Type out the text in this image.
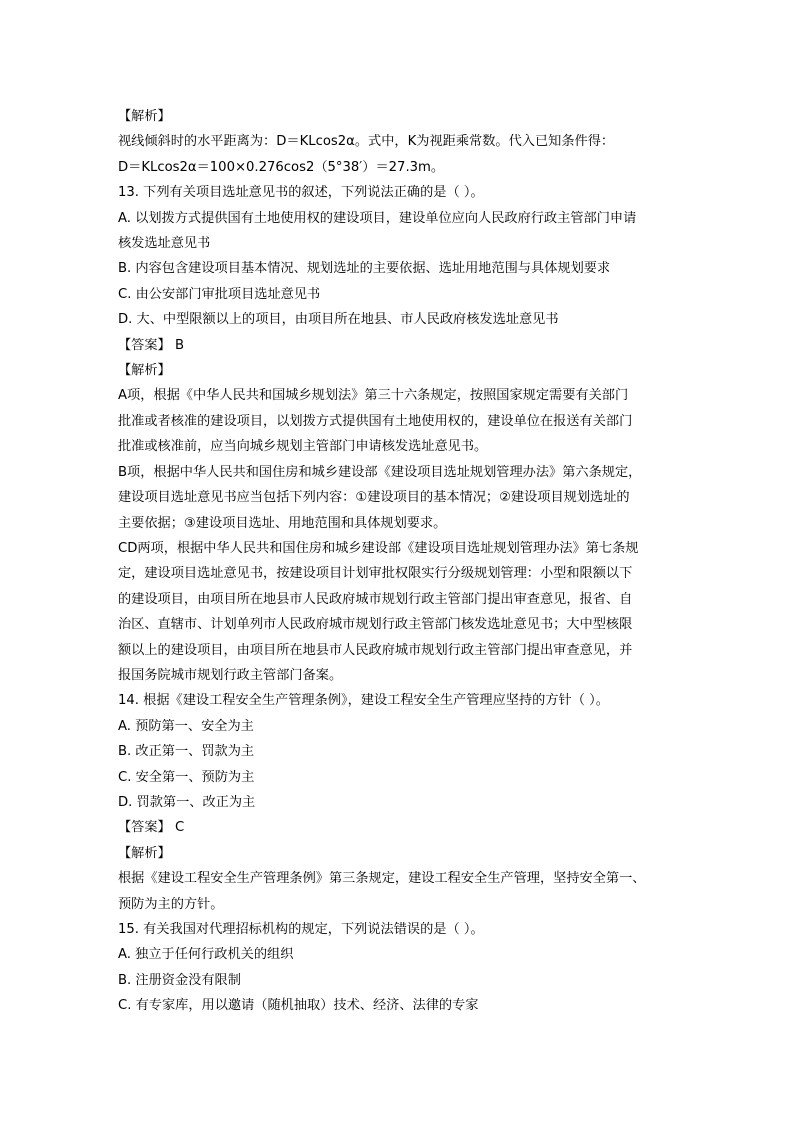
【解析】

视线倾斜时的水平距离为：D＝KLcos2α。式中，K为视距乘常数。代入已知条件得：

D＝KLcos2α＝100×0.276cos2（5°38′）＝27.3m。

13. 下列有关项目选址意见书的叙述，下列说法正确的是（ ）。

A. 以划拨方式提供国有土地使用权的建设项目，建设单位应向人民政府行政主管部门申请

核发选址意见书

B. 内容包含建设项目基本情况、规划选址的主要依据、选址用地范围与具体规划要求

C. 由公安部门审批项目选址意见书

D. 大、中型限额以上的项目，由项目所在地县、市人民政府核发选址意见书

【答案】 B

【解析】

A项，根据《中华人民共和国城乡规划法》第三十六条规定，按照国家规定需要有关部门

批准或者核准的建设项目，以划拨方式提供国有土地使用权的，建设单位在报送有关部门

批准或核准前，应当向城乡规划主管部门申请核发选址意见书。

B项，根据中华人民共和国住房和城乡建设部《建设项目选址规划管理办法》第六条规定，

建设项目选址意见书应当包括下列内容：①建设项目的基本情况；②建设项目规划选址的

主要依据；③建设项目选址、用地范围和具体规划要求。

CD两项，根据中华人民共和国住房和城乡建设部《建设项目选址规划管理办法》第七条规

定，建设项目选址意见书，按建设项目计划审批权限实行分级规划管理：小型和限额以下

的建设项目，由项目所在地县市人民政府城市规划行政主管部门提出审查意见，报省、自

治区、直辖市、计划单列市人民政府城市规划行政主管部门核发选址意见书；大中型核限

额以上的建设项目，由项目所在地县市人民政府城市规划行政主管部门提出审查意见，并

报国务院城市规划行政主管部门备案。

14. 根据《建设工程安全生产管理条例》，建设工程安全生产管理应坚持的方针（ ）。

A. 预防第一、安全为主

B. 改正第一、罚款为主

C. 安全第一、预防为主

D. 罚款第一、改正为主

【答案】 C

【解析】

根据《建设工程安全生产管理条例》第三条规定，建设工程安全生产管理，坚持安全第一、

预防为主的方针。

15. 有关我国对代理招标机构的规定，下列说法错误的是（ ）。

A. 独立于任何行政机关的组织

B. 注册资金没有限制

C. 有专家库，用以邀请（随机抽取）技术、经济、法律的专家
